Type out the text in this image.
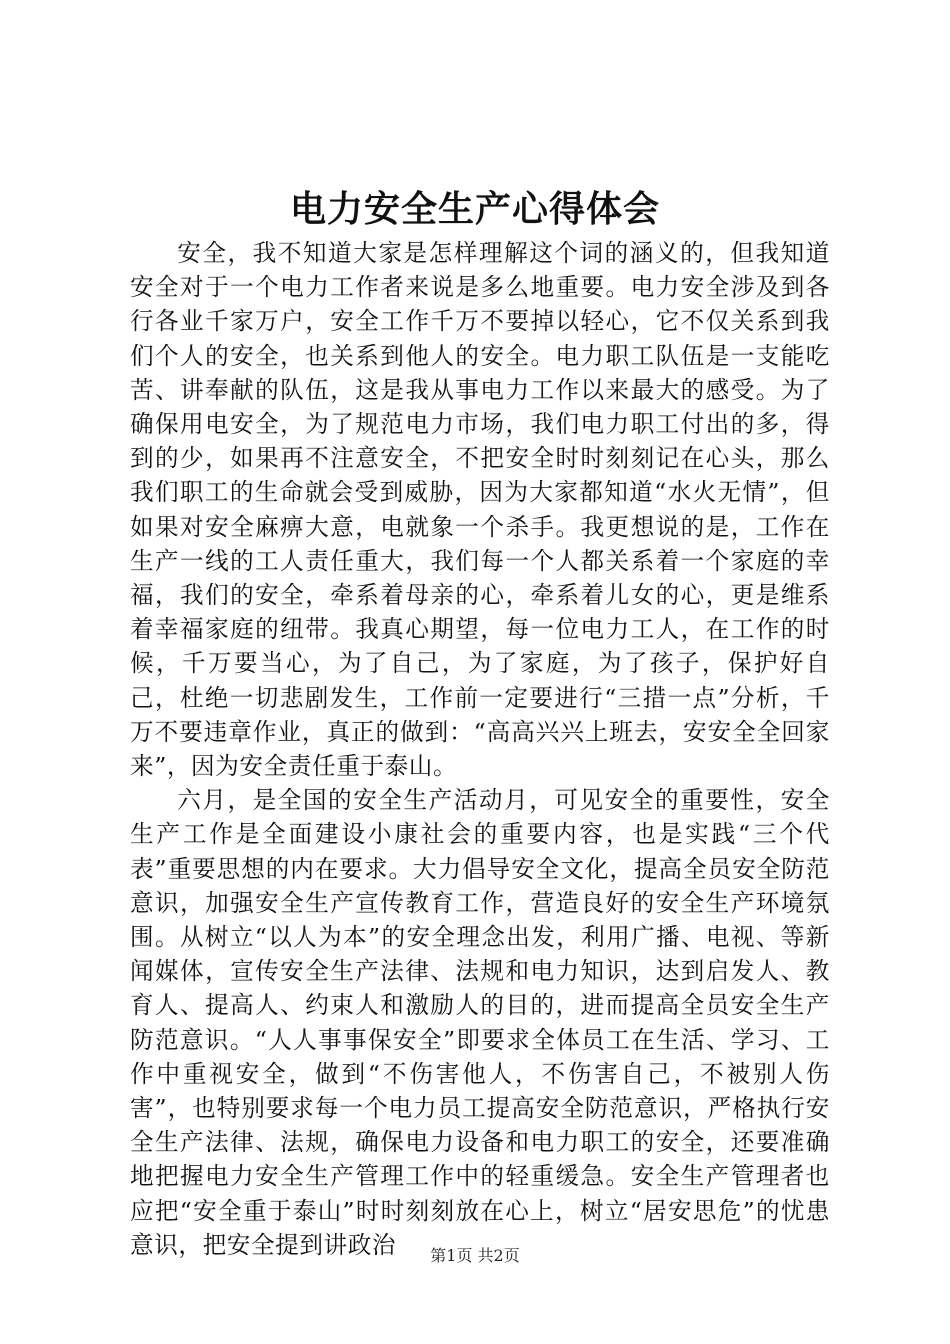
电力安全生产心得体会

安全，我不知道大家是怎样理解这个词的涵义的，但我知道安全对于一个电力工作者来说是多么地重要。电力安全涉及到各行各业千家万户，安全工作千万不要掉以轻心，它不仅关系到我们个人的安全，也关系到他人的安全。电力职工队伍是一支能吃苦、讲奉献的队伍，这是我从事电力工作以来最大的感受。为了确保用电安全，为了规范电力市场，我们电力职工付出的多，得到的少，如果再不注意安全，不把安全时时刻刻记在心头，那么我们职工的生命就会受到威胁，因为大家都知道“水火无情”，但如果对安全麻痹大意，电就象一个杀手。我更想说的是，工作在生产一线的工人责任重大，我们每一个人都关系着一个家庭的幸福，我们的安全，牵系着母亲的心，牵系着儿女的心，更是维系着幸福家庭的纽带。我真心期望，每一位电力工人，在工作的时候，千万要当心，为了自己，为了家庭，为了孩子，保护好自己，杜绝一切悲剧发生，工作前一定要进行“三措一点”分析，千万不要违章作业，真正的做到：“高高兴兴上班去，安安全全回家来”，因为安全责任重于泰山。

六月，是全国的安全生产活动月，可见安全的重要性，安全生产工作是全面建设小康社会的重要内容，也是实践“三个代表”重要思想的内在要求。大力倡导安全文化，提高全员安全防范意识，加强安全生产宣传教育工作，营造良好的安全生产环境氛围。从树立“以人为本”的安全理念出发，利用广播、电视、等新闻媒体，宣传安全生产法律、法规和电力知识，达到启发人、教育人、提高人、约束人和激励人的目的，进而提高全员安全生产防范意识。“人人事事保安全”即要求全体员工在生活、学习、工作中重视安全，做到“不伤害他人，不伤害自己，不被别人伤害”，也特别要求每一个电力员工提高安全防范意识，严格执行安全生产法律、法规，确保电力设备和电力职工的安全，还要准确地把握电力安全生产管理工作中的轻重缓急。安全生产管理者也应把“安全重于泰山”时时刻刻放在心上，树立“居安思危”的忧患意识，把安全提到讲政治	第1页 共2页
